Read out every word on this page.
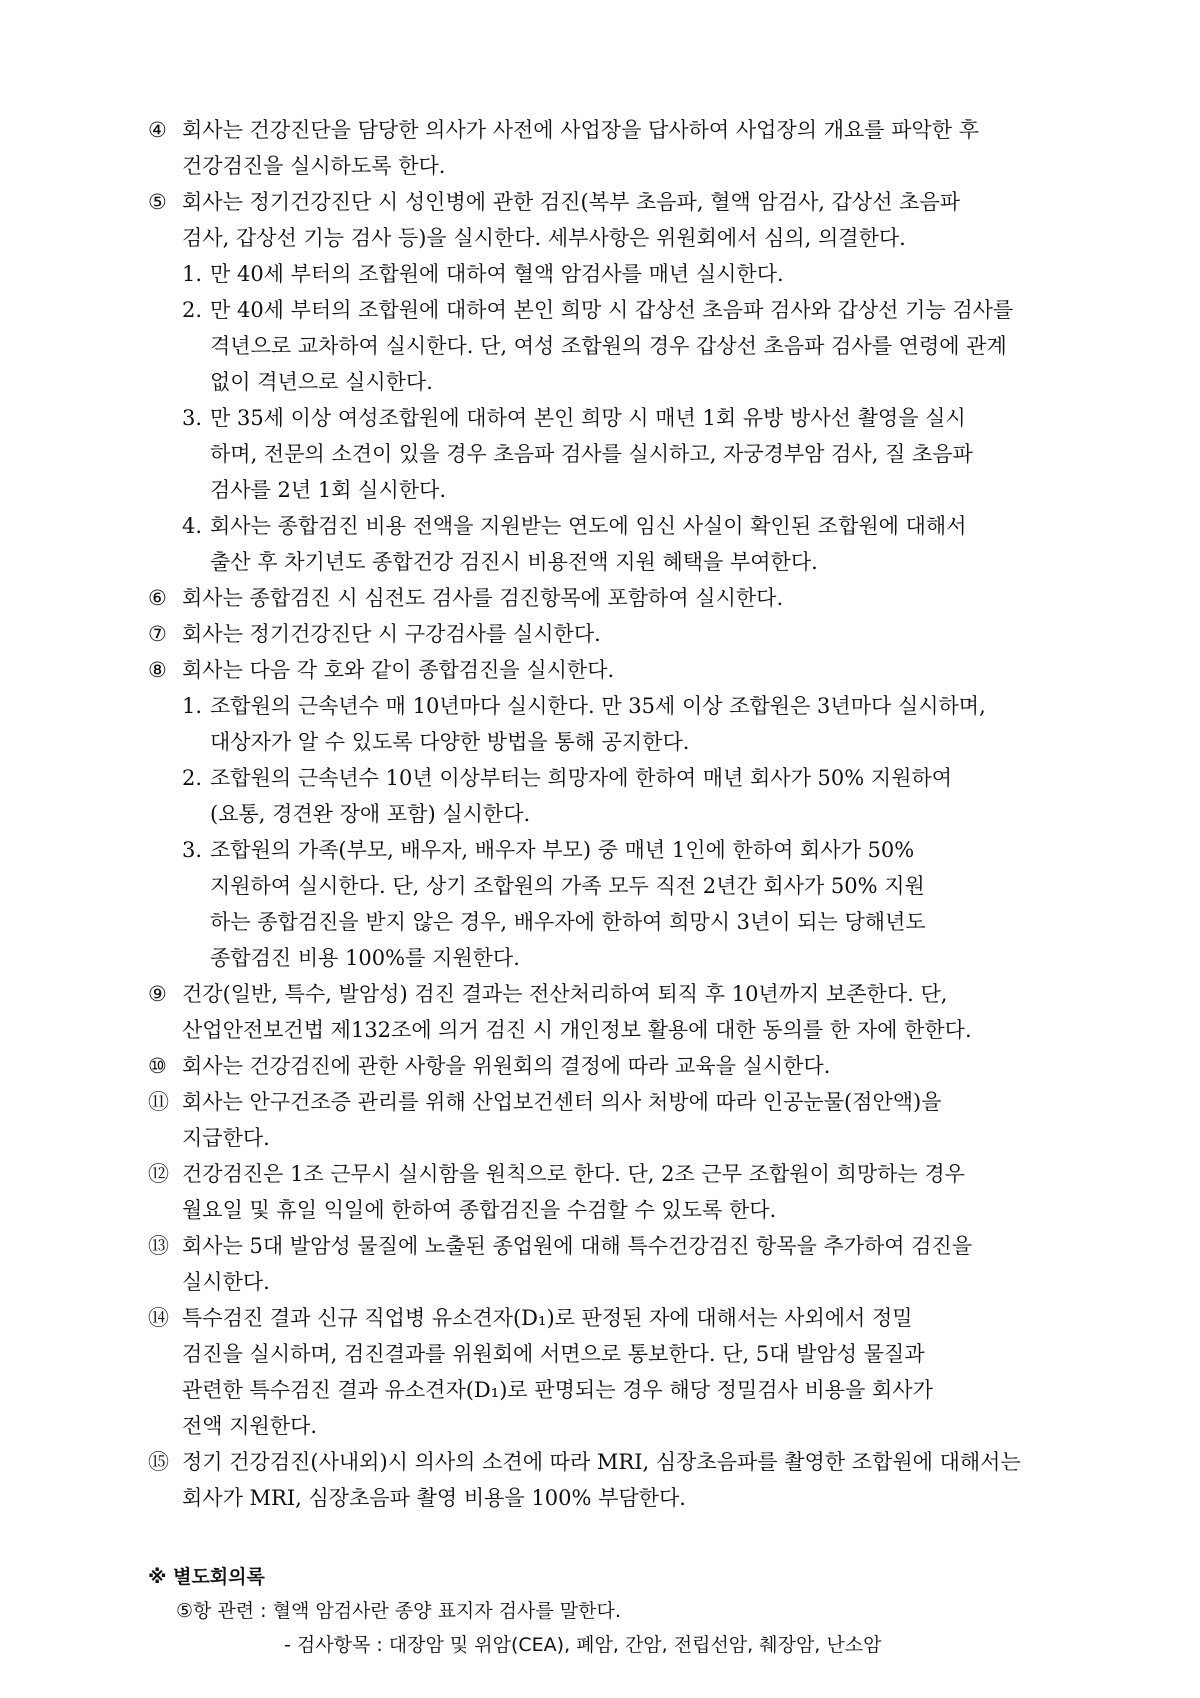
④ 회사는 건강진단을 담당한 의사가 사전에 사업장을 답사하여 사업장의 개요를 파악한 후

건강검진을 실시하도록 한다.

⑤ 회사는 정기건강진단 시 성인병에 관한 검진(복부 초음파, 혈액 암검사, 갑상선 초음파

검사, 갑상선 기능 검사 등)을 실시한다. 세부사항은 위원회에서 심의, 의결한다.

1. 만 40세 부터의 조합원에 대하여 혈액 암검사를 매년 실시한다.

2. 만 40세 부터의 조합원에 대하여 본인 희망 시 갑상선 초음파 검사와 갑상선 기능 검사를

격년으로 교차하여 실시한다. 단, 여성 조합원의 경우 갑상선 초음파 검사를 연령에 관계

없이 격년으로 실시한다.

3. 만 35세 이상 여성조합원에 대하여 본인 희망 시 매년 1회 유방 방사선 촬영을 실시

하며, 전문의 소견이 있을 경우 초음파 검사를 실시하고, 자궁경부암 검사, 질 초음파

검사를 2년 1회 실시한다.

4. 회사는 종합검진 비용 전액을 지원받는 연도에 임신 사실이 확인된 조합원에 대해서

출산 후 차기년도 종합건강 검진시 비용전액 지원 혜택을 부여한다.

⑥ 회사는 종합검진 시 심전도 검사를 검진항목에 포함하여 실시한다.

⑦ 회사는 정기건강진단 시 구강검사를 실시한다.

⑧ 회사는 다음 각 호와 같이 종합검진을 실시한다.

1. 조합원의 근속년수 매 10년마다 실시한다. 만 35세 이상 조합원은 3년마다 실시하며,

대상자가 알 수 있도록 다양한 방법을 통해 공지한다.

2. 조합원의 근속년수 10년 이상부터는 희망자에 한하여 매년 회사가 50% 지원하여

(요통, 경견완 장애 포함) 실시한다.

3. 조합원의 가족(부모, 배우자, 배우자 부모) 중 매년 1인에 한하여 회사가 50%

지원하여 실시한다. 단, 상기 조합원의 가족 모두 직전 2년간 회사가 50% 지원

하는 종합검진을 받지 않은 경우, 배우자에 한하여 희망시 3년이 되는 당해년도

종합검진 비용 100%를 지원한다.

⑨ 건강(일반, 특수, 발암성) 검진 결과는 전산처리하여 퇴직 후 10년까지 보존한다. 단,

산업안전보건법 제132조에 의거 검진 시 개인정보 활용에 대한 동의를 한 자에 한한다.

⑩ 회사는 건강검진에 관한 사항을 위원회의 결정에 따라 교육을 실시한다.

⑪ 회사는 안구건조증 관리를 위해 산업보건센터 의사 처방에 따라 인공눈물(점안액)을

지급한다.

⑫ 건강검진은 1조 근무시 실시함을 원칙으로 한다. 단, 2조 근무 조합원이 희망하는 경우

월요일 및 휴일 익일에 한하여 종합검진을 수검할 수 있도록 한다.

⑬ 회사는 5대 발암성 물질에 노출된 종업원에 대해 특수건강검진 항목을 추가하여 검진을

실시한다.

⑭ 특수검진 결과 신규 직업병 유소견자(D₁)로 판정된 자에 대해서는 사외에서 정밀

검진을 실시하며, 검진결과를 위원회에 서면으로 통보한다. 단, 5대 발암성 물질과

관련한 특수검진 결과 유소견자(D₁)로 판명되는 경우 해당 정밀검사 비용을 회사가

전액 지원한다.

⑮ 정기 건강검진(사내외)시 의사의 소견에 따라 MRI, 심장초음파를 촬영한 조합원에 대해서는

회사가 MRI, 심장초음파 촬영 비용을 100% 부담한다.

※ 별도회의록

⑤항 관련 : 혈액 암검사란 종양 표지자 검사를 말한다.

- 검사항목 : 대장암 및 위암(CEA), 폐암, 간암, 전립선암, 췌장암, 난소암
